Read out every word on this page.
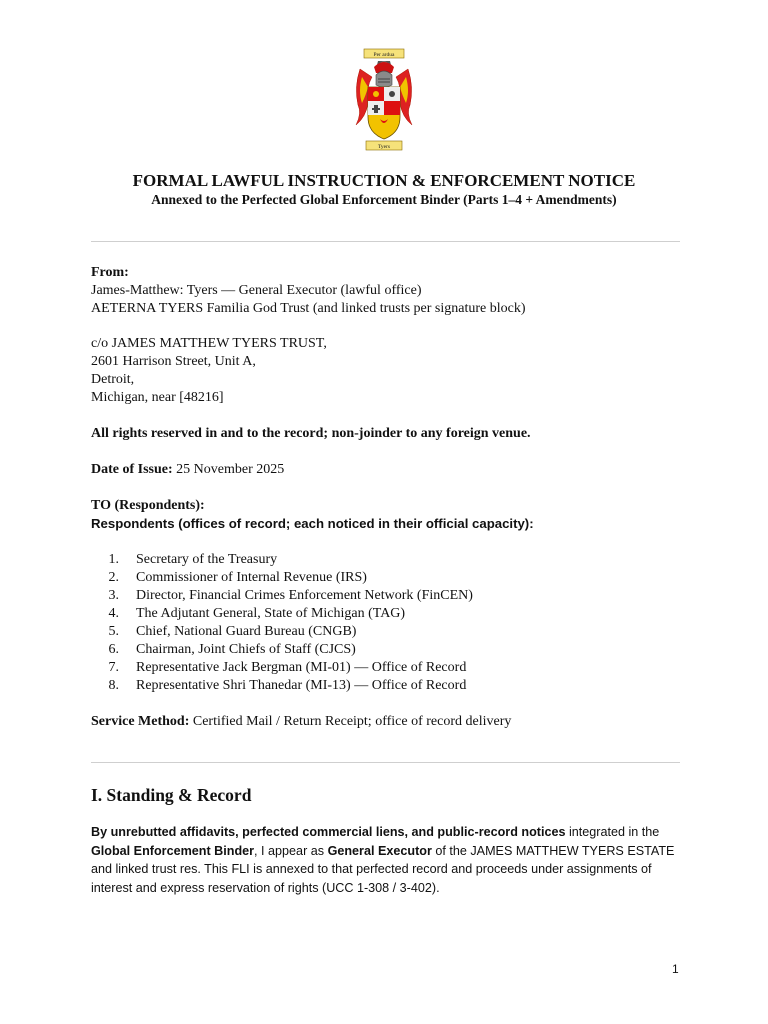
Per ardua
Tyers
FORMAL LAWFUL INSTRUCTION & ENFORCEMENT NOTICE
Annexed to the Perfected Global Enforcement Binder (Parts 1–4 + Amendments)
From:
James-Matthew: Tyers — General Executor (lawful office)
AETERNA TYERS Familia God Trust (and linked trusts per signature block)
c/o JAMES MATTHEW TYERS TRUST,
2601 Harrison Street, Unit A,
Detroit,
Michigan, near [48216]
All rights reserved in and to the record; non-joinder to any foreign venue.
Date of Issue: 25 November 2025
TO (Respondents):
Respondents (offices of record; each noticed in their official capacity):
1.	Secretary of the Treasury
2.	Commissioner of Internal Revenue (IRS)
3.	Director, Financial Crimes Enforcement Network (FinCEN)
4.	The Adjutant General, State of Michigan (TAG)
5.	Chief, National Guard Bureau (CNGB)
6.	Chairman, Joint Chiefs of Staff (CJCS)
7.	Representative Jack Bergman (MI-01) — Office of Record
8.	Representative Shri Thanedar (MI-13) — Office of Record
Service Method: Certified Mail / Return Receipt; office of record delivery
I. Standing & Record
By unrebutted affidavits, perfected commercial liens, and public-record notices integrated in the Global Enforcement Binder, I appear as General Executor of the JAMES MATTHEW TYERS ESTATE and linked trust res. This FLI is annexed to that perfected record and proceeds under assignments of interest and express reservation of rights (UCC 1-308 / 3-402).
1
